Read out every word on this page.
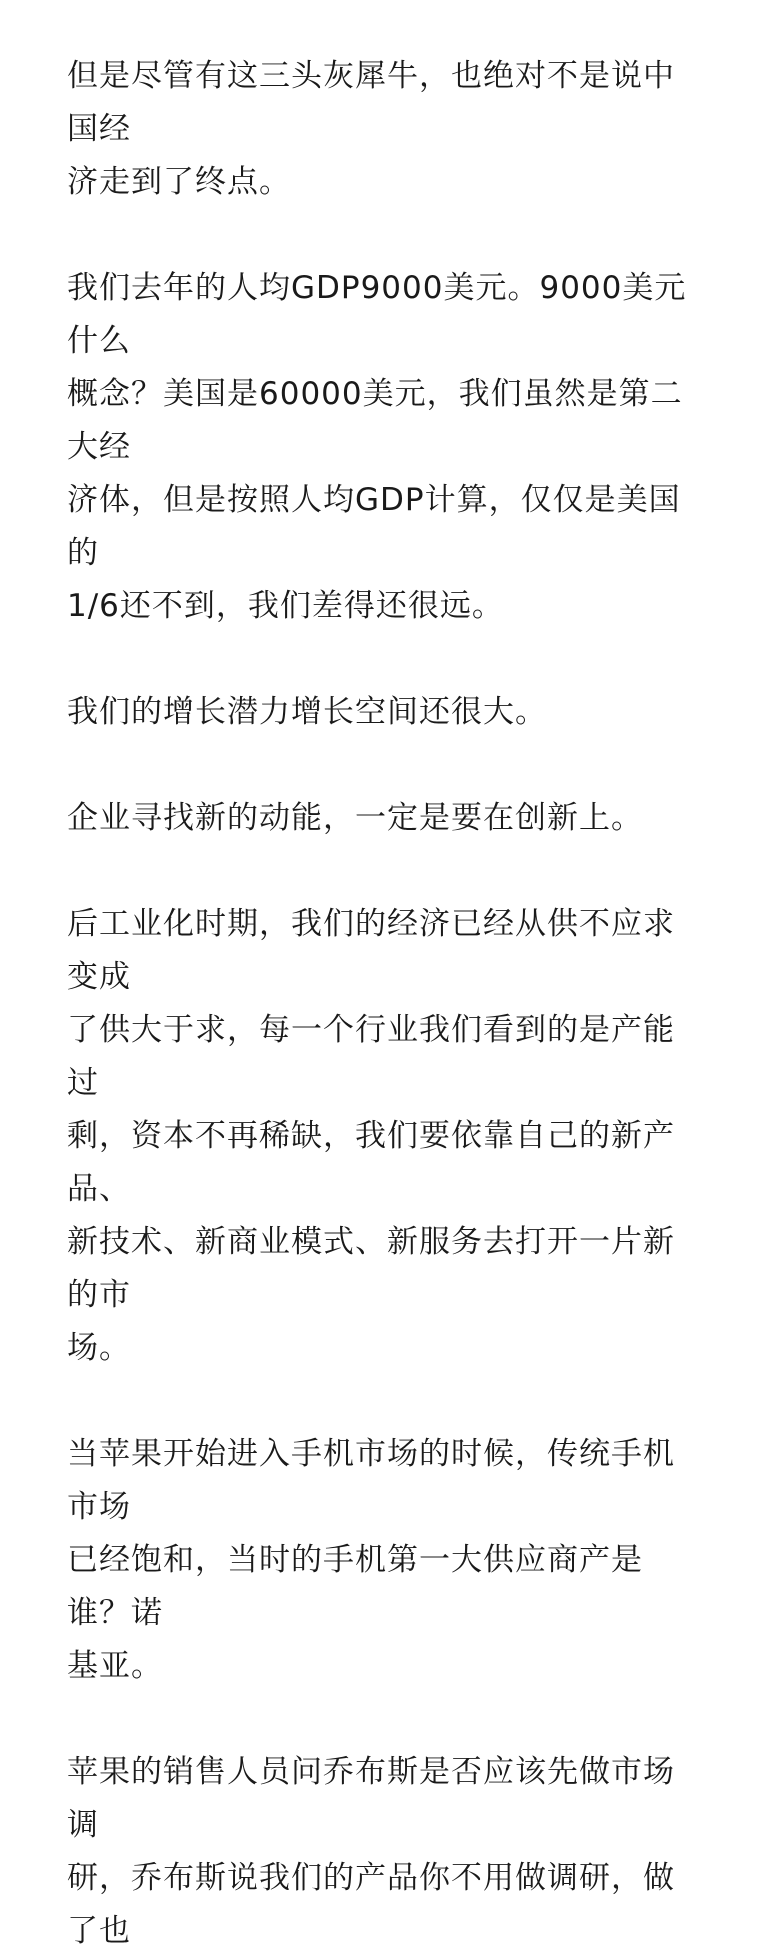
但是尽管有这三头灰犀牛，也绝对不是说中国经
济走到了终点。

我们去年的人均GDP9000美元。9000美元什么
概念？美国是60000美元，我们虽然是第二大经
济体，但是按照人均GDP计算，仅仅是美国的
1/6还不到，我们差得还很远。

我们的增长潜力增长空间还很大。

企业寻找新的动能，一定是要在创新上。

后工业化时期，我们的经济已经从供不应求变成
了供大于求，每一个行业我们看到的是产能过
剩，资本不再稀缺，我们要依靠自己的新产品、
新技术、新商业模式、新服务去打开一片新的市
场。

当苹果开始进入手机市场的时候，传统手机市场
已经饱和，当时的手机第一大供应商产是谁？诺
基亚。

苹果的销售人员问乔布斯是否应该先做市场调
研，乔布斯说我们的产品你不用做调研，做了也
